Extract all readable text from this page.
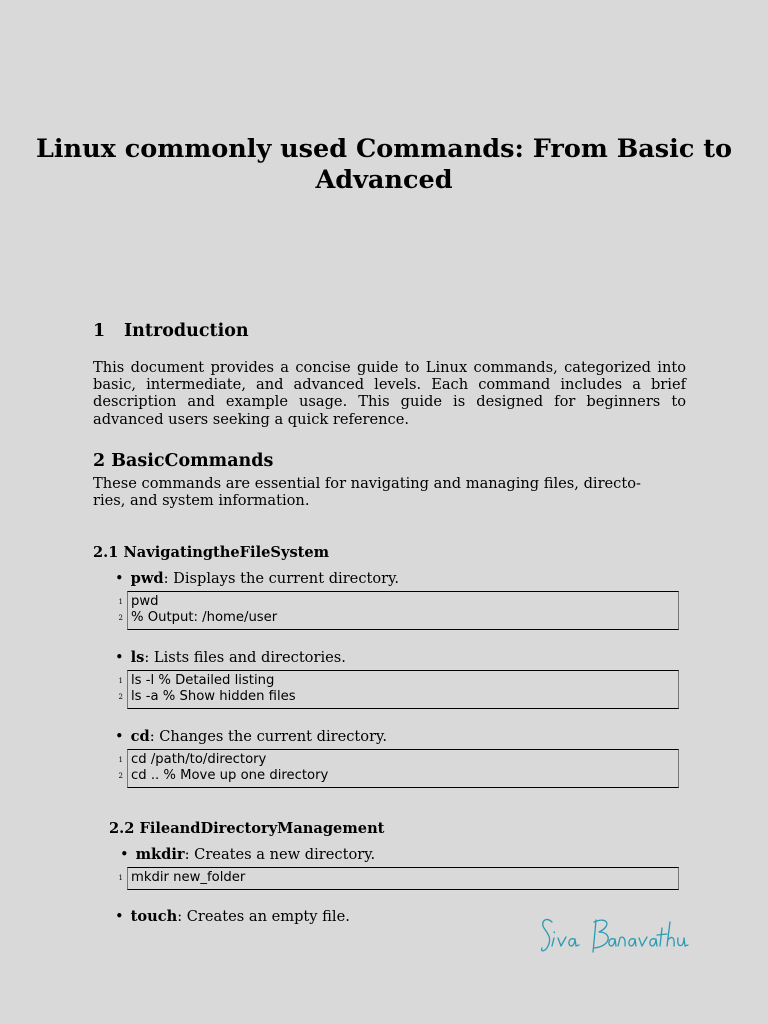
Linux commonly used Commands: From Basic to Advanced
1 Introduction

This document provides a concise guide to Linux commands, categorized into basic, intermediate, and advanced levels. Each command includes a brief description and example usage. This guide is designed for beginners to advanced users seeking a quick reference.

2 BasicCommands

These commands are essential for navigating and managing files, directo-
ries, and system information.

2.1 NavigatingtheFileSystem
• pwd: Displays the current directory.
1 pwd
2 % Output: /home/user
• ls: Lists files and directories.
1 ls -l % Detailed listing
2 ls -a % Show hidden files
• cd: Changes the current directory.
1 cd /path/to/directory
2 cd .. % Move up one directory
2.2 FileandDirectoryManagement
• mkdir: Creates a new directory.
1 mkdir new_folder
• touch: Creates an empty file.
